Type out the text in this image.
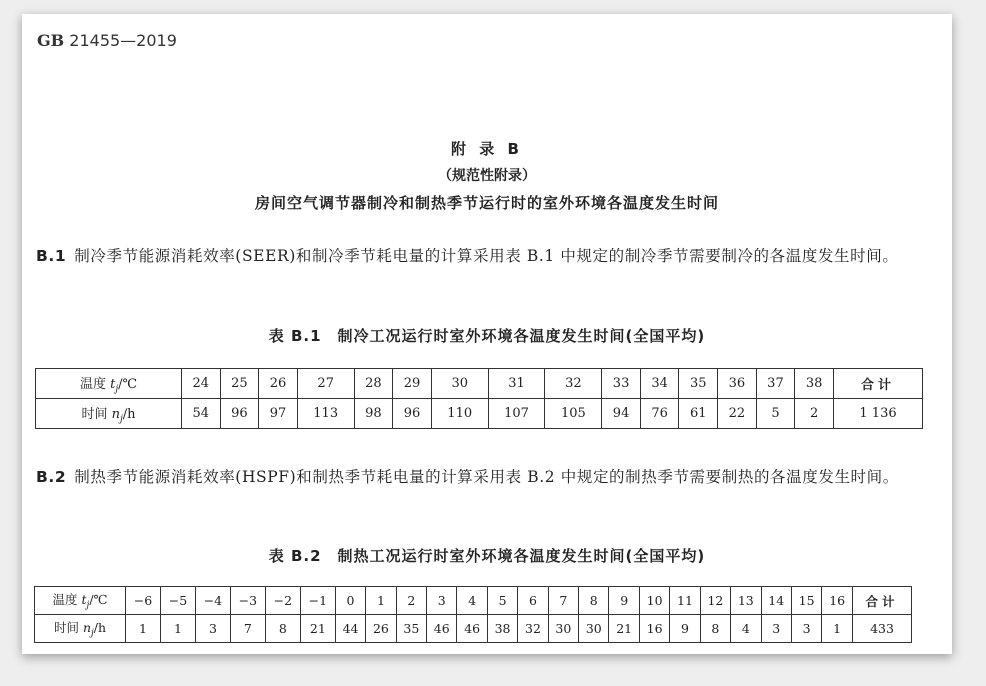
GB 21455—2019
附 录 B
（规范性附录）
房间空气调节器制冷和制热季节运行时的室外环境各温度发生时间
B.1 制冷季节能源消耗效率(SEER)和制冷季节耗电量的计算采用表 B.1 中规定的制冷季节需要制冷的各温度发生时间。
表 B.1　制冷工况运行时室外环境各温度发生时间(全国平均)
温度 $t_j/℃$	24	25	26	27	28	29	30	31	32	33	34	35	36	37	38	合计
时间 $n_j/h$	54	96	97	113	98	96	110	107	105	94	76	61	22	5	2	1 136
B.2 制热季节能源消耗效率(HSPF)和制热季节耗电量的计算采用表 B.2 中规定的制热季节需要制热的各温度发生时间。
表 B.2　制热工况运行时室外环境各温度发生时间(全国平均)
温度 $t_j/℃$	−6	−5	−4	−3	−2	−1	0	1	2	3	4	5	6	7	8	9	10	11	12	13	14	15	16	合计
时间 $n_j/h$	1	1	3	7	8	21	44	26	35	46	46	38	32	30	30	21	16	9	8	4	3	3	1	433
